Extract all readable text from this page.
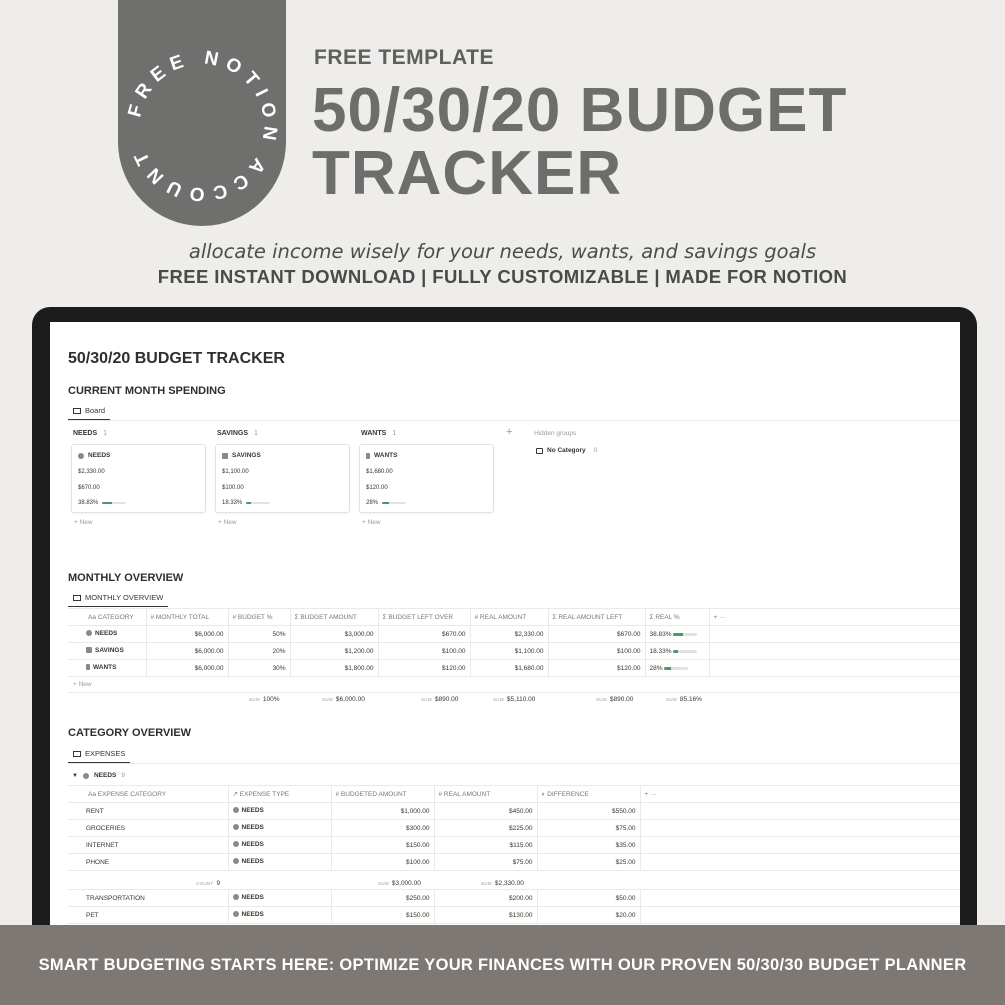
FREE NOTION ACCOUNT
FREE TEMPLATE
50/30/20 BUDGET
TRACKER
allocate income wisely for your needs, wants, and savings goals
FREE INSTANT DOWNLOAD | FULLY CUSTOMIZABLE | MADE FOR NOTION
50/30/20 BUDGET TRACKER
CURRENT MONTH SPENDING
Board
NEEDS 1	SAVINGS 1	WANTS 1	+	Hidden groups
No Category 0
NEEDS
$2,330.00
$670.00
38.83%
SAVINGS
$1,100.00
$100.00
18.33%
WANTS
$1,680.00
$120.00
28%
+ New	+ New	+ New
MONTHLY OVERVIEW
MONTHLY OVERVIEW
Aa CATEGORY	# MONTHLY TOTAL	# BUDGET %	Σ BUDGET AMOUNT	Σ BUDGET LEFT OVER	# REAL AMOUNT	Σ REAL AMOUNT LEFT	Σ REAL %	+ ···

NEEDS	$6,000.00	50%	$3,000.00	$670.00	$2,330.00	$670.00	38.83%

SAVINGS	$6,000.00	20%	$1,200.00	$100.00	$1,100.00	$100.00	18.33%

WANTS	$6,000.00	30%	$1,800.00	$120.00	$1,680.00	$120.00	28%

+ New
SUM 100%	SUM $6,000.00	SUM $890.00	SUM $5,110.00	SUM $890.00	SUM 85.16%
CATEGORY OVERVIEW
EXPENSES
▼ NEEDS 9
Aa EXPENSE CATEGORY	↗ EXPENSE TYPE	# BUDGETED AMOUNT	# REAL AMOUNT	◐ DIFFERENCE	+ ···
RENT	NEEDS	$1,000.00	$450.00	$550.00	
GROCERIES	NEEDS	$300.00	$225.00	$75.00	
INTERNET	NEEDS	$150.00	$115.00	$35.00	
PHONE	NEEDS	$100.00	$75.00	$25.00	
COUNT 9	SUM $3,000.00	SUM $2,330.00
TRANSPORTATION	NEEDS	$250.00	$200.00	$50.00	
PET	NEEDS	$150.00	$130.00	$20.00	
SMART BUDGETING STARTS HERE: OPTIMIZE YOUR FINANCES WITH OUR PROVEN 50/30/30 BUDGET PLANNER
